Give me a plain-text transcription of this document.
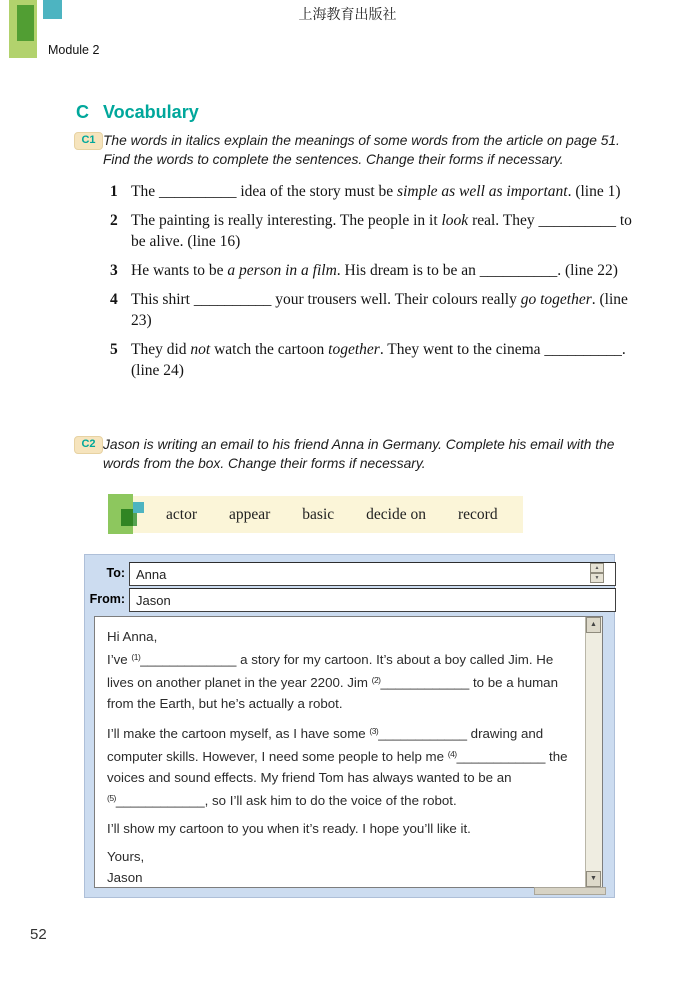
上海教育出版社
Module 2
C Vocabulary
C1 The words in italics explain the meanings of some words from the article on page 51. Find the words to complete the sentences. Change their forms if necessary.
1 The __________ idea of the story must be simple as well as important. (line 1)
2 The painting is really interesting. The people in it look real. They __________ to be alive. (line 16)
3 He wants to be a person in a film. His dream is to be an __________. (line 22)
4 This shirt __________ your trousers well. Their colours really go together. (line 23)
5 They did not watch the cartoon together. They went to the cinema __________. (line 24)
C2 Jason is writing an email to his friend Anna in Germany. Complete his email with the words from the box. Change their forms if necessary.
actor appear basic decide on record
To:
Anna	▲
▼
From:
Jason

Hi Anna,

I’ve $^{(1)}$_____________ a story for my cartoon. It’s about a boy called Jim. He lives on another planet in the year 2200. Jim $^{(2)}$____________ to be a human from the Earth, but he’s actually a robot.

I’ll make the cartoon myself, as I have some $^{(3)}$____________ drawing and computer skills. However, I need some people to help me $^{(4)}$____________ the voices and sound effects. My friend Tom has always wanted to be an $^{(5)}$____________, so I’ll ask him to do the voice of the robot.

I’ll show my cartoon to you when it’s ready. I hope you’ll like it.

Yours,

Jason

▲
▼
52
